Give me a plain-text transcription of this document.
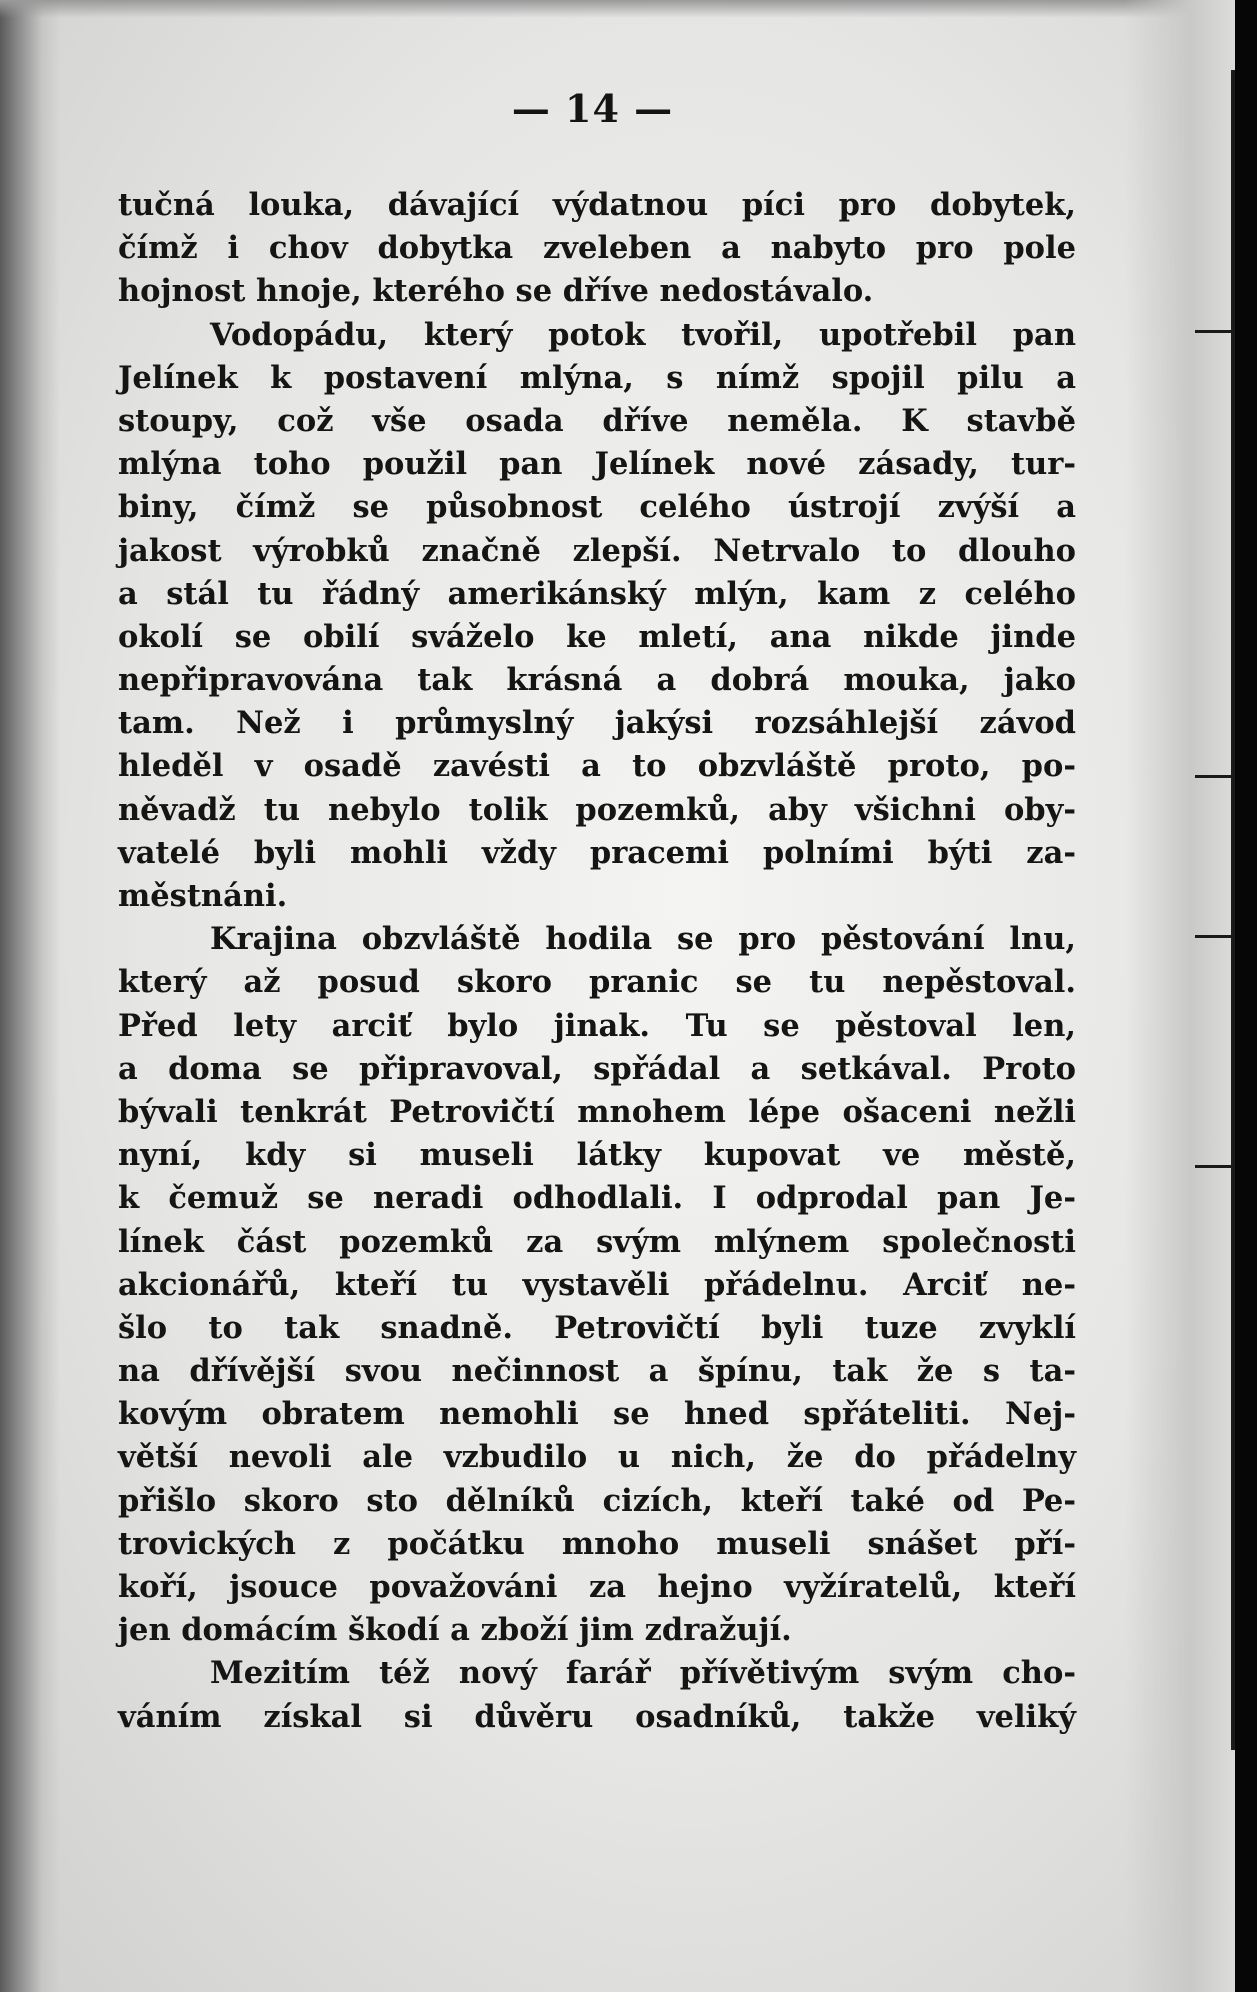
— 14 —
tučná louka, dávající výdatnou píci pro dobytek,
čímž i chov dobytka zveleben a nabyto pro pole
hojnost hnoje, kterého se dříve nedostávalo.
Vodopádu, který potok tvořil, upotřebil pan
Jelínek k postavení mlýna, s nímž spojil pilu a
stoupy, což vše osada dříve neměla. K stavbě
mlýna toho použil pan Jelínek nové zásady, tur-
biny, čímž se působnost celého ústrojí zvýší a
jakost výrobků značně zlepší. Netrvalo to dlouho
a stál tu řádný amerikánský mlýn, kam z celého
okolí se obilí sváželo ke mletí, ana nikde jinde
nepřipravována tak krásná a dobrá mouka, jako
tam. Než i průmyslný jakýsi rozsáhlejší závod
hleděl v osadě zavésti a to obzvláště proto, po-
něvadž tu nebylo tolik pozemků, aby všichni oby-
vatelé byli mohli vždy pracemi polními býti za-
městnáni.
Krajina obzvláště hodila se pro pěstování lnu,
který až posud skoro pranic se tu nepěstoval.
Před lety arciť bylo jinak. Tu se pěstoval len,
a doma se připravoval, spřádal a setkával. Proto
bývali tenkrát Petrovičtí mnohem lépe ošaceni nežli
nyní, kdy si museli látky kupovat ve městě,
k čemuž se neradi odhodlali. I odprodal pan Je-
línek část pozemků za svým mlýnem společnosti
akcionářů, kteří tu vystavěli přádelnu. Arciť ne-
šlo to tak snadně. Petrovičtí byli tuze zvyklí
na dřívější svou nečinnost a špínu, tak že s ta-
kovým obratem nemohli se hned spřáteliti. Nej-
větší nevoli ale vzbudilo u nich, že do přádelny
přišlo skoro sto dělníků cizích, kteří také od Pe-
trovických z počátku mnoho museli snášet pří-
koří, jsouce považováni za hejno vyžíratelů, kteří
jen domácím škodí a zboží jim zdražují.
Mezitím též nový farář přívětivým svým cho-
váním získal si důvěru osadníků, takže veliký
